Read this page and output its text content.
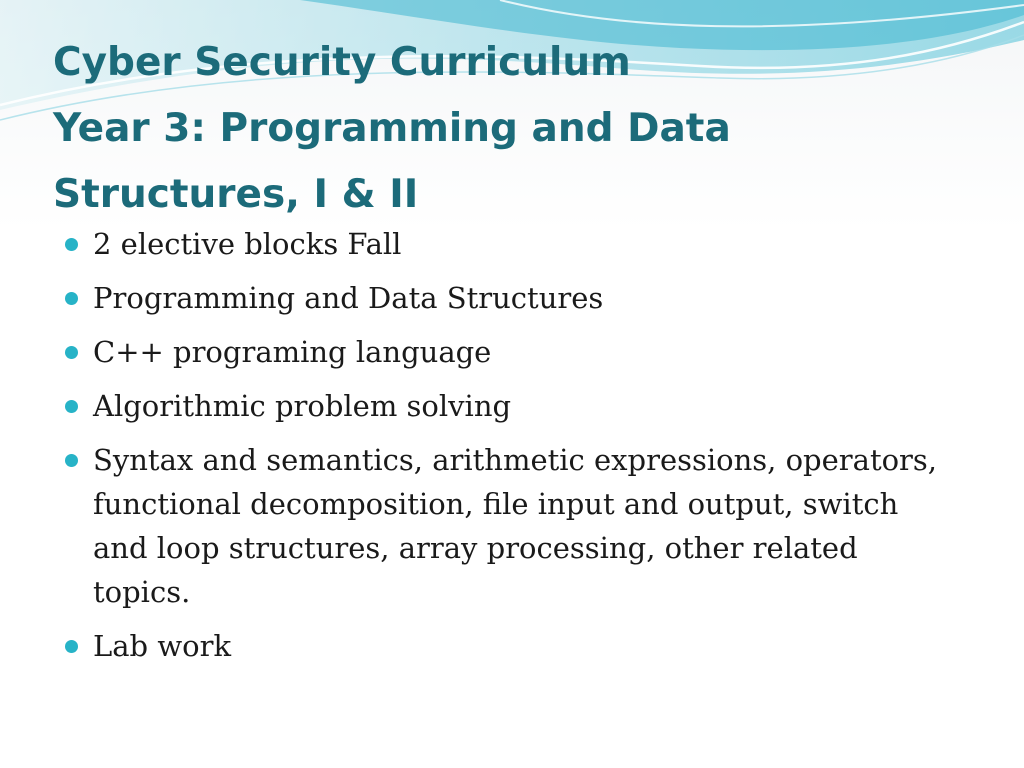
Cyber Security Curriculum
Year 3: Programming and Data Structures, I & II
2 elective blocks Fall
Programming and Data Structures
C++ programing language
Algorithmic problem solving
Syntax and semantics, arithmetic expressions, operators, functional decomposition, file input and output, switch and loop structures, array processing, other related topics.
Lab work
